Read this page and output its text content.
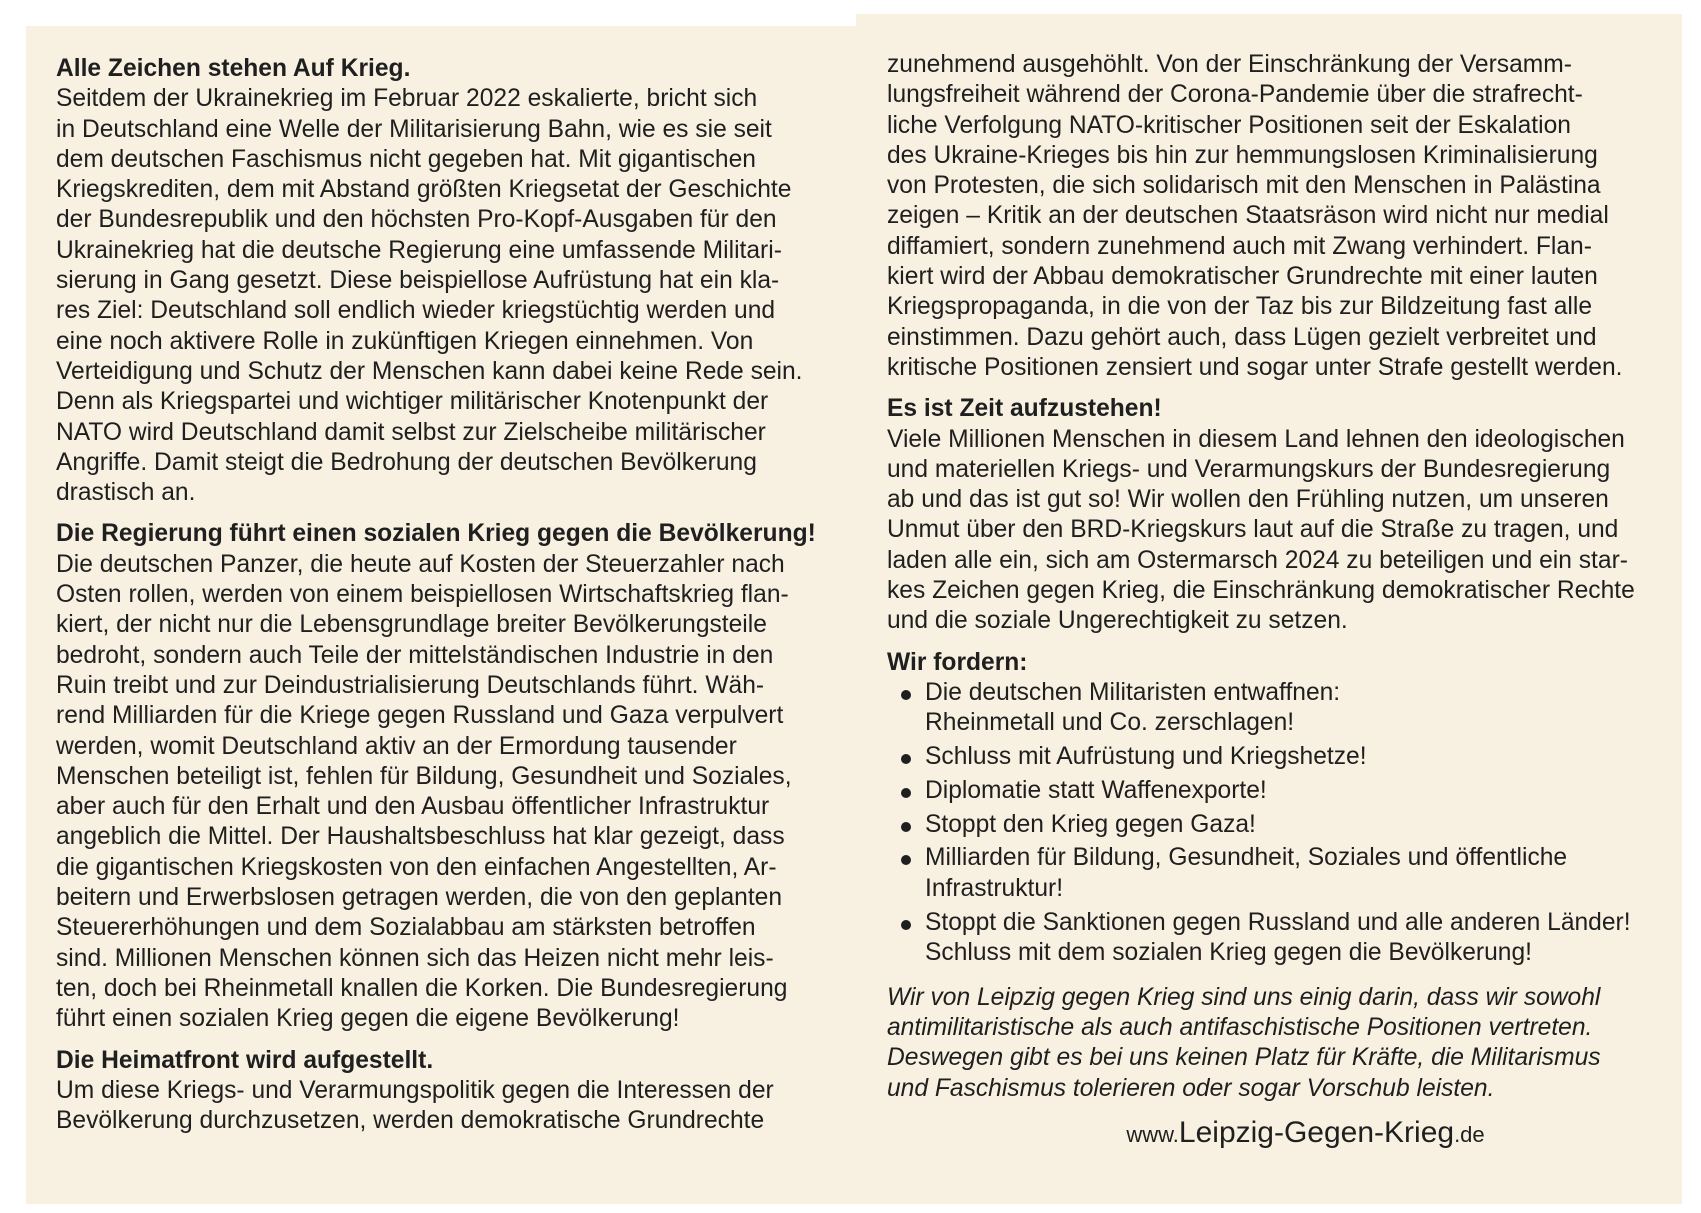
Alle Zeichen stehen Auf Krieg.
Seitdem der Ukrainekrieg im Februar 2022 eskalierte, bricht sich
in Deutschland eine Welle der Militarisierung Bahn, wie es sie seit
dem deutschen Faschismus nicht gegeben hat. Mit gigantischen
Kriegskrediten, dem mit Abstand größten Kriegsetat der Geschichte
der Bundesrepublik und den höchsten Pro-Kopf-Ausgaben für den
Ukrainekrieg hat die deutsche Regierung eine umfassende Militari-
sierung in Gang gesetzt. Diese beispiellose Aufrüstung hat ein kla-
res Ziel: Deutschland soll endlich wieder kriegstüchtig werden und
eine noch aktivere Rolle in zukünftigen Kriegen einnehmen. Von
Verteidigung und Schutz der Menschen kann dabei keine Rede sein.
Denn als Kriegspartei und wichtiger militärischer Knotenpunkt der
NATO wird Deutschland damit selbst zur Zielscheibe militärischer
Angriffe. Damit steigt die Bedrohung der deutschen Bevölkerung
drastisch an.
Die Regierung führt einen sozialen Krieg gegen die Bevölkerung!
Die deutschen Panzer, die heute auf Kosten der Steuerzahler nach
Osten rollen, werden von einem beispiellosen Wirtschaftskrieg flan-
kiert, der nicht nur die Lebensgrundlage breiter Bevölkerungsteile
bedroht, sondern auch Teile der mittelständischen Industrie in den
Ruin treibt und zur Deindustrialisierung Deutschlands führt. Wäh-
rend Milliarden für die Kriege gegen Russland und Gaza verpulvert
werden, womit Deutschland aktiv an der Ermordung tausender
Menschen beteiligt ist, fehlen für Bildung, Gesundheit und Soziales,
aber auch für den Erhalt und den Ausbau öffentlicher Infrastruktur
angeblich die Mittel. Der Haushaltsbeschluss hat klar gezeigt, dass
die gigantischen Kriegskosten von den einfachen Angestellten, Ar-
beitern und Erwerbslosen getragen werden, die von den geplanten
Steuererhöhungen und dem Sozialabbau am stärksten betroffen
sind. Millionen Menschen können sich das Heizen nicht mehr leis-
ten, doch bei Rheinmetall knallen die Korken. Die Bundesregierung
führt einen sozialen Krieg gegen die eigene Bevölkerung!
Die Heimatfront wird aufgestellt.
Um diese Kriegs- und Verarmungspolitik gegen die Interessen der
Bevölkerung durchzusetzen, werden demokratische Grundrechte
zunehmend ausgehöhlt. Von der Einschränkung der Versamm-
lungsfreiheit während der Corona-Pandemie über die strafrecht-
liche Verfolgung NATO-kritischer Positionen seit der Eskalation
des Ukraine-Krieges bis hin zur hemmungslosen Kriminalisierung
von Protesten, die sich solidarisch mit den Menschen in Palästina
zeigen – Kritik an der deutschen Staatsräson wird nicht nur medial
diffamiert, sondern zunehmend auch mit Zwang verhindert. Flan-
kiert wird der Abbau demokratischer Grundrechte mit einer lauten
Kriegspropaganda, in die von der Taz bis zur Bildzeitung fast alle
einstimmen. Dazu gehört auch, dass Lügen gezielt verbreitet und
kritische Positionen zensiert und sogar unter Strafe gestellt werden.
Es ist Zeit aufzustehen!
Viele Millionen Menschen in diesem Land lehnen den ideologischen
und materiellen Kriegs- und Verarmungskurs der Bundesregierung
ab und das ist gut so! Wir wollen den Frühling nutzen, um unseren
Unmut über den BRD-Kriegskurs laut auf die Straße zu tragen, und
laden alle ein, sich am Ostermarsch 2024 zu beteiligen und ein star-
kes Zeichen gegen Krieg, die Einschränkung demokratischer Rechte
und die soziale Ungerechtigkeit zu setzen.
Wir fordern:
Die deutschen Militaristen entwaffnen:
Rheinmetall und Co. zerschlagen!
Schluss mit Aufrüstung und Kriegshetze!
Diplomatie statt Waffenexporte!
Stoppt den Krieg gegen Gaza!
Milliarden für Bildung, Gesundheit, Soziales und öffentliche
Infrastruktur!
Stoppt die Sanktionen gegen Russland und alle anderen Länder!
Schluss mit dem sozialen Krieg gegen die Bevölkerung!
Wir von Leipzig gegen Krieg sind uns einig darin, dass wir sowohl
antimilitaristische als auch antifaschistische Positionen vertreten.
Deswegen gibt es bei uns keinen Platz für Kräfte, die Militarismus
und Faschismus tolerieren oder sogar Vorschub leisten.
www.Leipzig-Gegen-Krieg.de
